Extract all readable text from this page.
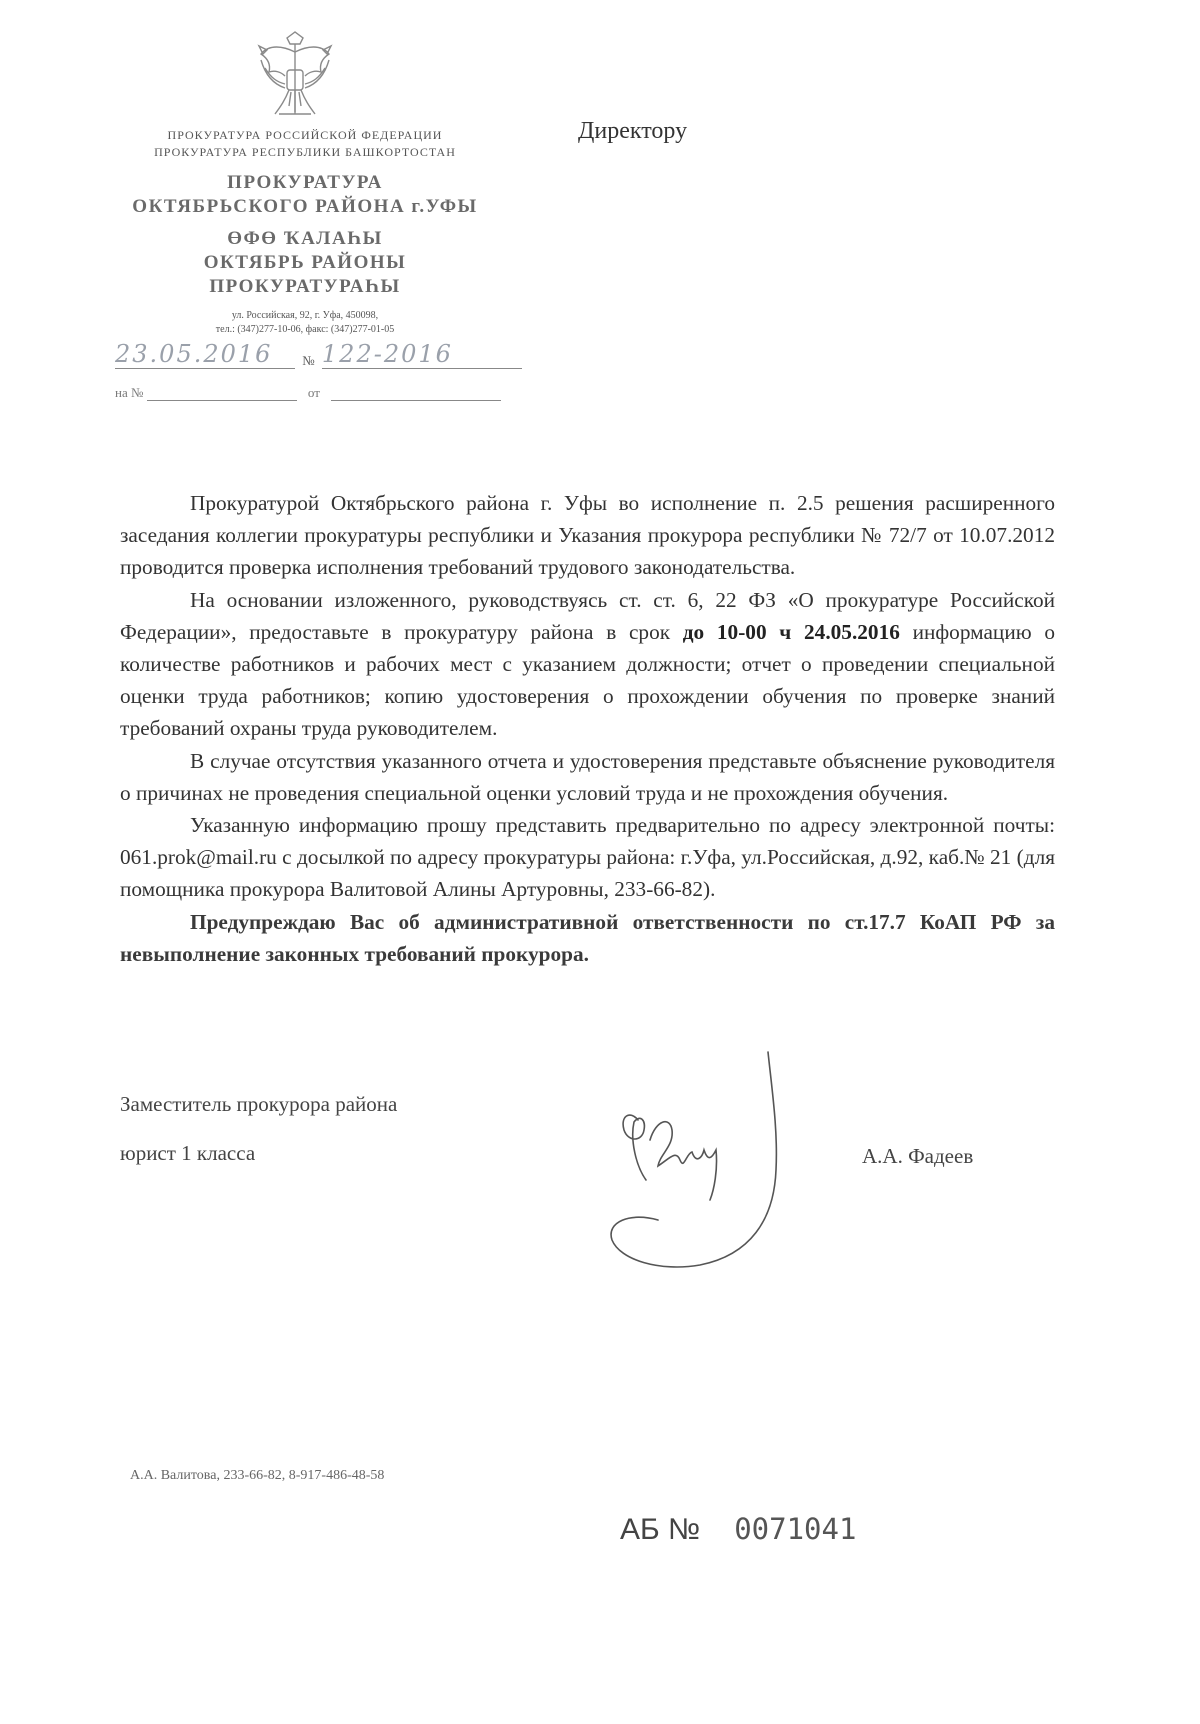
ПРОКУРАТУРА РОССИЙСКОЙ ФЕДЕРАЦИИ
ПРОКУРАТУРА РЕСПУБЛИКИ БАШКОРТОСТАН
ПРОКУРАТУРА
ОКТЯБРЬСКОГО РАЙОНА г.УФЫ
ӨФӨ ҠАЛАҺЫ
ОКТЯБРЬ РАЙОНЫ
ПРОКУРАТУРАҺЫ
ул. Российская, 92, г. Уфа, 450098,
тел.: (347)277-10-06, факс: (347)277-01-05
23.05.2016 № 122-2016
на №	от
Директору

Прокуратурой Октябрьского района г. Уфы во исполнение п. 2.5 решения расширенного заседания коллегии прокуратуры республики и Указания прокурора республики № 72/7 от 10.07.2012 проводится проверка исполнения требований трудового законодательства.

На основании изложенного, руководствуясь ст. ст. 6, 22 ФЗ «О прокуратуре Российской Федерации», предоставьте в прокуратуру района в срок до 10-00 ч 24.05.2016 информацию о количестве работников и рабочих мест с указанием должности; отчет о проведении специальной оценки труда работников; копию удостоверения о прохождении обучения по проверке знаний требований охраны труда руководителем.

В случае отсутствия указанного отчета и удостоверения представьте объяснение руководителя о причинах не проведения специальной оценки условий труда и не прохождения обучения.

Указанную информацию прошу представить предварительно по адресу электронной почты: 061.prok@mail.ru с досылкой по адресу прокуратуры района: г.Уфа, ул.Российская, д.92, каб.№ 21 (для помощника прокурора Валитовой Алины Артуровны, 233-66-82).

Предупреждаю Вас об административной ответственности по ст.17.7 КоАП РФ за невыполнение законных требований прокурора.

Заместитель прокурора района
юрист 1 класса	А.А. Фадеев
А.А. Валитова, 233-66-82, 8-917-486-48-58
АБ № 0071041
